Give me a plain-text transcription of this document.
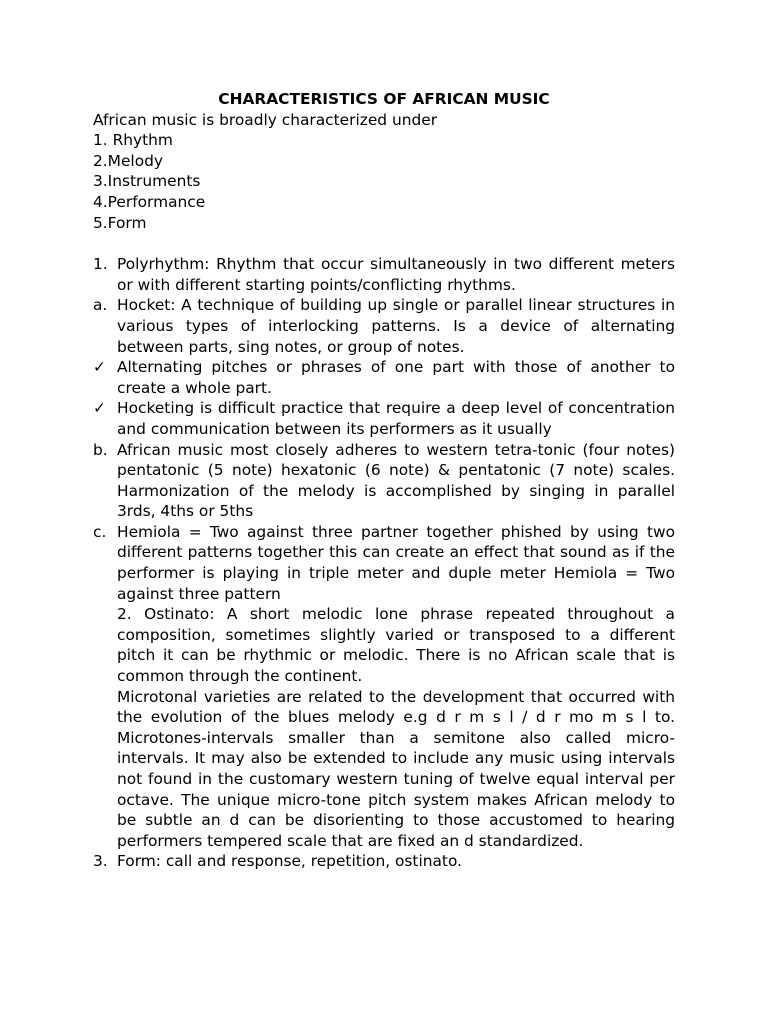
CHARACTERISTICS OF AFRICAN MUSIC
African music is broadly characterized under
1. Rhythm
2.Melody
3.Instruments
4.Performance
5.Form
1. Polyrhythm: Rhythm that occur simultaneously in two different meters or with different starting points/conflicting rhythms.
a. Hocket: A technique of building up single or parallel linear structures in various types of interlocking patterns. Is a device of alternating between parts, sing notes, or group of notes.
✓ Alternating pitches or phrases of one part with those of another to create a whole part.
✓ Hocketing is difficult practice that require a deep level of concentration and communication between its performers as it usually
b. African music most closely adheres to western tetra-tonic (four notes) pentatonic (5 note) hexatonic (6 note) & pentatonic (7 note) scales. Harmonization of the melody is accomplished by singing in parallel 3rds, 4ths or 5ths
c. Hemiola = Two against three partner together phished by using two different patterns together this can create an effect that sound as if the performer is playing in triple meter and duple meter Hemiola = Two against three pattern
2. Ostinato: A short melodic lone phrase repeated throughout a composition, sometimes slightly varied or transposed to a different pitch it can be rhythmic or melodic. There is no African scale that is common through the continent.
Microtonal varieties are related to the development that occurred with the evolution of the blues melody e.g d r m s l / d r mo m s l to. Microtones-intervals smaller than a semitone also called micro-intervals. It may also be extended to include any music using intervals not found in the customary western tuning of twelve equal interval per octave. The unique micro-tone pitch system makes African melody to be subtle an d can be disorienting to those accustomed to hearing performers tempered scale that are fixed an d standardized.
3. Form: call and response, repetition, ostinato.
